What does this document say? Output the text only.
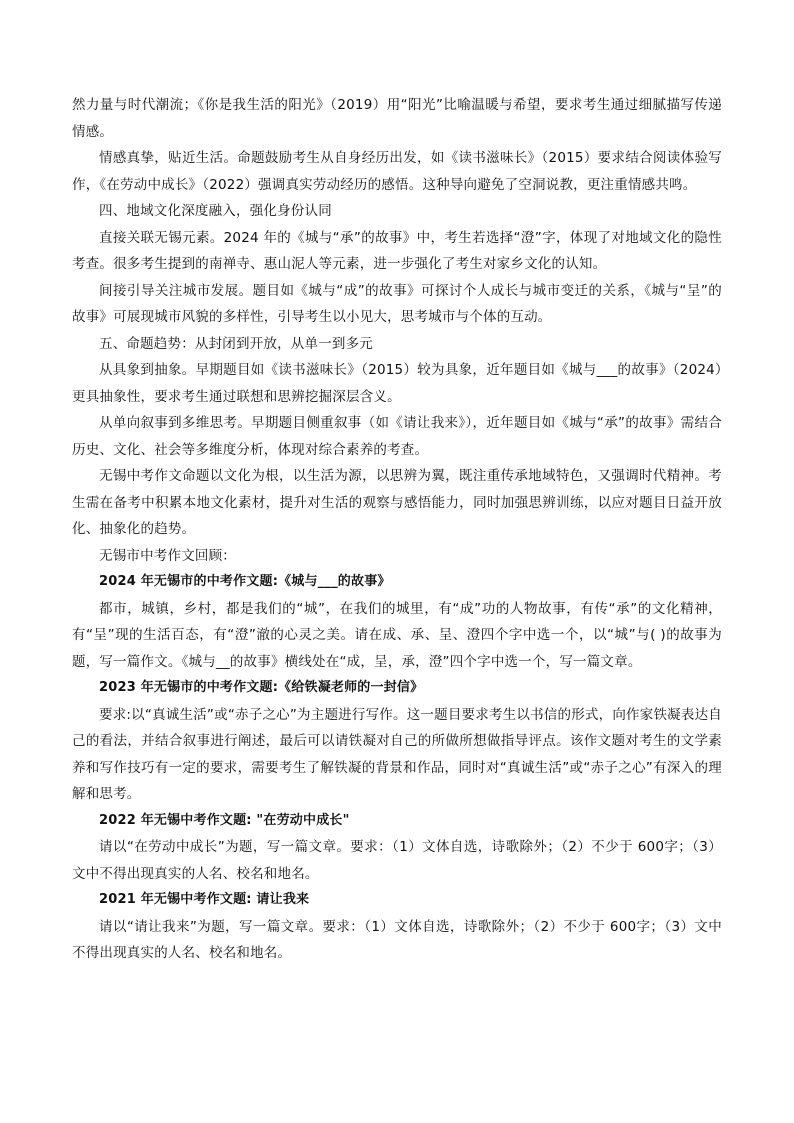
然力量与时代潮流；《你是我生活的阳光》（2019）用“阳光”比喻温暖与希望，要求考生通过细腻描写传递情感。

情感真挚，贴近生活。命题鼓励考生从自身经历出发，如《读书滋味长》（2015）要求结合阅读体验写作，《在劳动中成长》（2022）强调真实劳动经历的感悟。这种导向避免了空洞说教，更注重情感共鸣。

四、地域文化深度融入，强化身份认同

直接关联无锡元素。2024 年的《城与“承”的故事》中，考生若选择“澄”字，体现了对地域文化的隐性考查。很多考生提到的南禅寺、惠山泥人等元素，进一步强化了考生对家乡文化的认知。

间接引导关注城市发展。题目如《城与“成”的故事》可探讨个人成长与城市变迁的关系，《城与“呈”的故事》可展现城市风貌的多样性，引导考生以小见大，思考城市与个体的互动。

五、命题趋势：从封闭到开放，从单一到多元

从具象到抽象。早期题目如《读书滋味长》（2015）较为具象，近年题目如《城与___的故事》（2024）更具抽象性，要求考生通过联想和思辨挖掘深层含义。

从单向叙事到多维思考。早期题目侧重叙事（如《请让我来》），近年题目如《城与“承”的故事》需结合历史、文化、社会等多维度分析，体现对综合素养的考查。

无锡中考作文命题以文化为根，以生活为源，以思辨为翼，既注重传承地域特色，又强调时代精神。考生需在备考中积累本地文化素材，提升对生活的观察与感悟能力，同时加强思辨训练，以应对题目日益开放化、抽象化的趋势。

无锡市中考作文回顾：

2024 年无锡市的中考作文题:《城与___的故事》

都市，城镇，乡村，都是我们的“城”，在我们的城里，有“成”功的人物故事，有传“承”的文化精神，有“呈”现的生活百态，有“澄”澈的心灵之美。请在成、承、呈、澄四个字中选一个，以“城”与( )的故事为题，写一篇作文。《城与__的故事》横线处在“成，呈，承，澄”四个字中选一个，写一篇文章。

2023 年无锡市的中考作文题:《给铁凝老师的一封信》

要求:以“真诚生活”或“赤子之心”为主题进行写作。这一题目要求考生以书信的形式，向作家铁凝表达自己的看法，并结合叙事进行阐述，最后可以请铁凝对自己的所做所想做指导评点。该作文题对考生的文学素养和写作技巧有一定的要求，需要考生了解铁凝的背景和作品，同时对“真诚生活”或“赤子之心”有深入的理解和思考。

2022 年无锡中考作文题: "在劳动中成长"

请以“在劳动中成长”为题，写一篇文章。要求：（1）文体自选，诗歌除外；（2）不少于 600字；（3）文中不得出现真实的人名、校名和地名。

2021 年无锡中考作文题: 请让我来

请以“请让我来”为题，写一篇文章。要求：（1）文体自选，诗歌除外；（2）不少于 600字；（3）文中不得出现真实的人名、校名和地名。
